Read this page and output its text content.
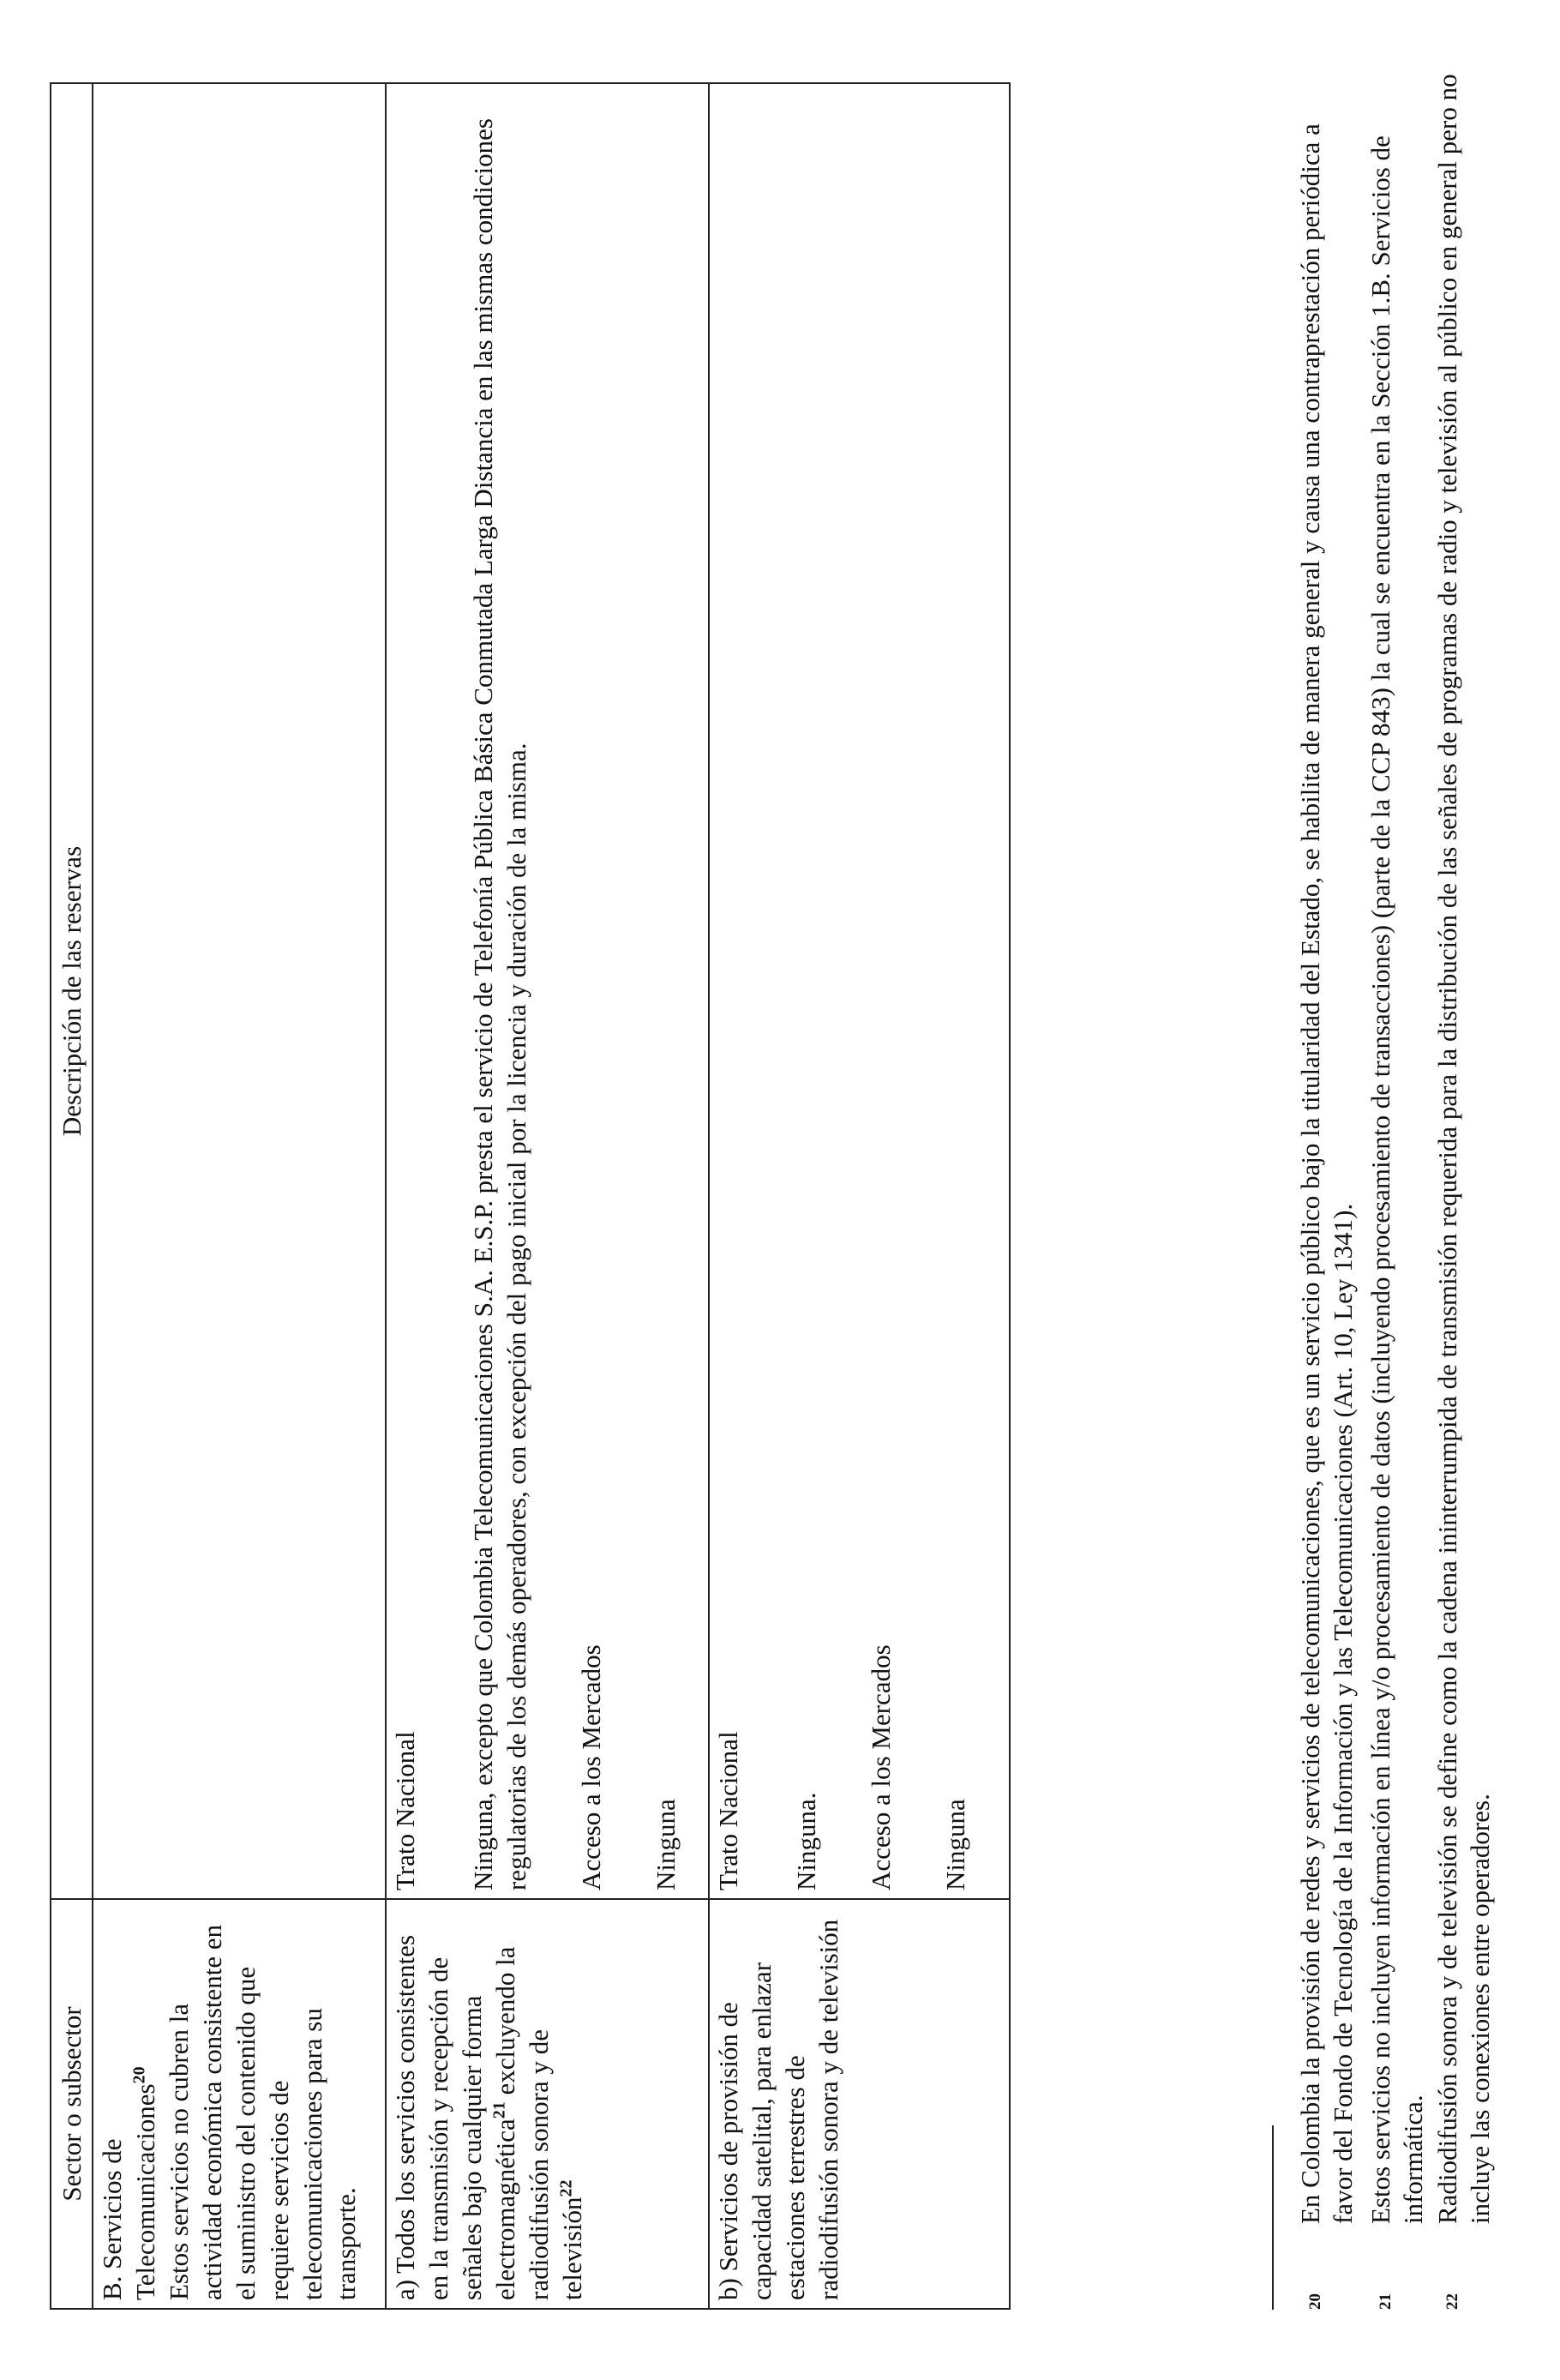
Sector o subsector	Descripción de las reservas

B. Servicios de Telecomunicaciones$^{20}$ Estos servicios no cubren la actividad económica consistente en el suministro del contenido que requiere servicios de telecomunicaciones para su transporte.	

a) Todos los servicios consistentes en la transmisión y recepción de señales bajo cualquier forma electromagnética$^{21}$ excluyendo la radiodifusión sonora y de televisión$^{22}$	Trato Nacional Ninguna, excepto que Colombia Telecomunicaciones S.A. E.S.P. presta el servicio de Telefonía Pública Básica Conmutada Larga Distancia en las mismas condiciones regulatorias de los demás operadores, con excepción del pago inicial por la licencia y duración de la misma. Acceso a los Mercados Ninguna

b) Servicios de provisión de capacidad satelital, para enlazar estaciones terrestres de radiodifusión sonora y de televisión	Trato Nacional Ninguna. Acceso a los Mercados Ninguna
20
En Colombia la provisión de redes y servicios de telecomunicaciones, que es un servicio público bajo la titularidad del Estado, se habilita de manera general y causa una contraprestación periódica a favor del Fondo de Tecnología de la Información y las Telecomunicaciones (Art. 10, Ley 1341).
21
Estos servicios no incluyen información en línea y/o procesamiento de datos (incluyendo procesamiento de transacciones) (parte de la CCP 843) la cual se encuentra en la Sección 1.B. Servicios de informática.
22
Radiodifusión sonora y de televisión se define como la cadena ininterrumpida de transmisión requerida para la distribución de las señales de programas de radio y televisión al público en general pero no incluye las conexiones entre operadores.
